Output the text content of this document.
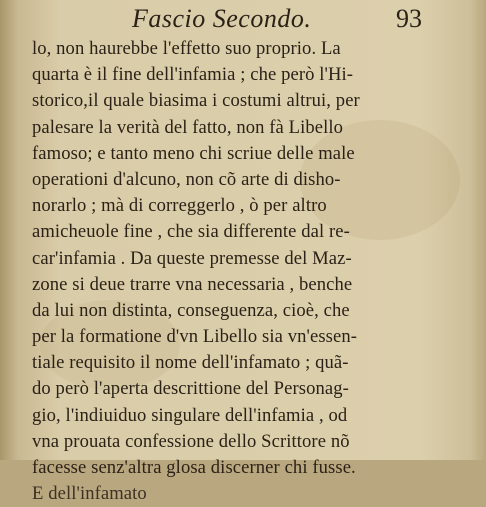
Fascio Secondo.	93
lo, non haurebbe l'effetto suo proprio. La
quarta è il fine dell'infamia ; che però l'Hi-
storico,il quale biasima i costumi altrui, per
palesare la verità del fatto, non fà Libello
famoso; e tanto meno chi scriue delle male
operationi d'alcuno, non cõ arte di disho-
norarlo ; mà di correggerlo , ò per altro
amicheuole fine , che sia differente dal re-
car'infamia . Da queste premesse del Maz-
zone si deue trarre vna necessaria , benche
da lui non distinta, conseguenza, cioè, che
per la formatione d'vn Libello sia vn'essen-
tiale requisito il nome dell'infamato ; quã-
do però l'aperta descrittione del Personag-
gio, l'indiuiduo singulare dell'infamia , od
vna prouata confessione dello Scrittore nõ
facesse senz'altra glosa discerner chi fusse.
E dell'infamato
